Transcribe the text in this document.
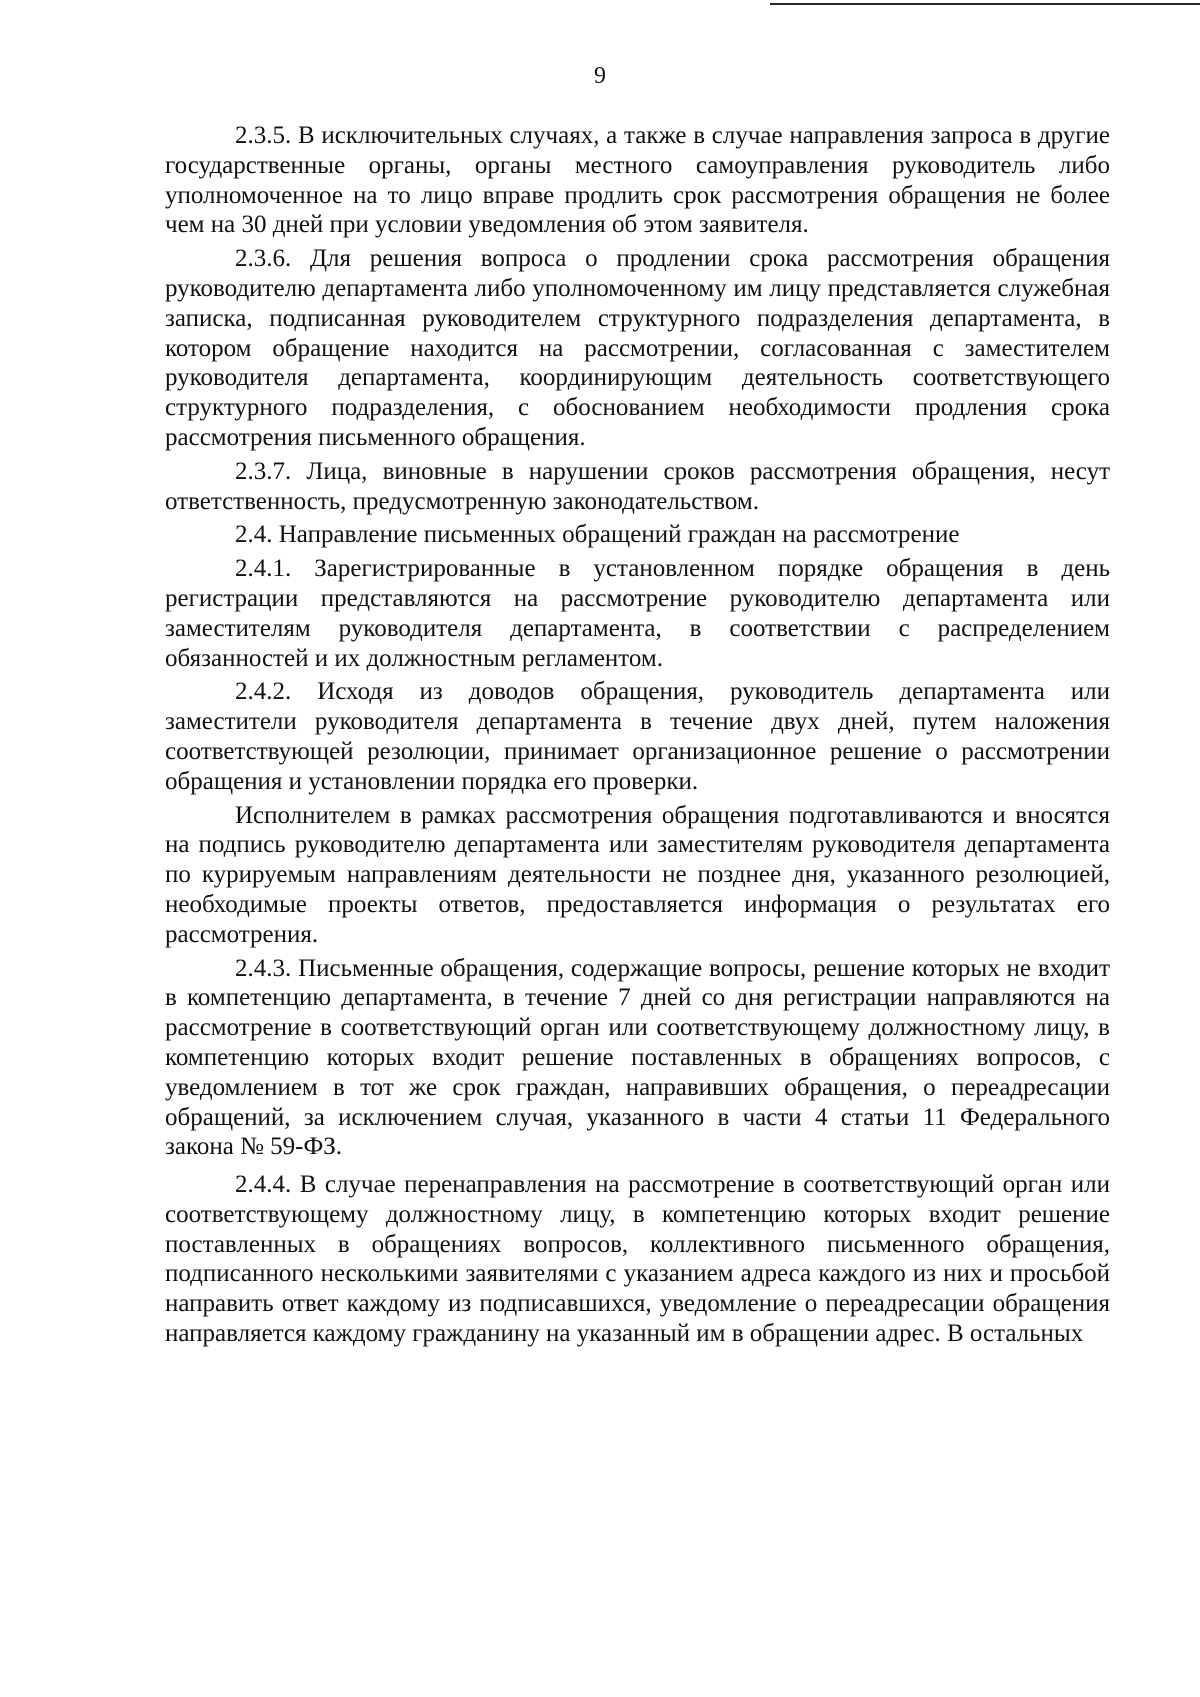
9

2.3.5. В исключительных случаях, а также в случае направления запроса в другие государственные органы, органы местного самоуправления руководитель либо уполномоченное на то лицо вправе продлить срок рассмотрения обращения не более чем на 30 дней при условии уведомления об этом заявителя.

2.3.6. Для решения вопроса о продлении срока рассмотрения обращения руководителю департамента либо уполномоченному им лицу представляется служебная записка, подписанная руководителем структурного подразделения департамента, в котором обращение находится на рассмотрении, согласованная с заместителем руководителя департамента, координирующим деятельность соответствующего структурного подразделения, с обоснованием необходимости продления срока рассмотрения письменного обращения.

2.3.7. Лица, виновные в нарушении сроков рассмотрения обращения, несут ответственность, предусмотренную законодательством.

2.4. Направление письменных обращений граждан на рассмотрение

2.4.1. Зарегистрированные в установленном порядке обращения в день регистрации представляются на рассмотрение руководителю департамента или заместителям руководителя департамента, в соответствии с распределением обязанностей и их должностным регламентом.

2.4.2. Исходя из доводов обращения, руководитель департамента или заместители руководителя департамента в течение двух дней, путем наложения соответствующей резолюции, принимает организационное решение о рассмотрении обращения и установлении порядка его проверки.

Исполнителем в рамках рассмотрения обращения подготавливаются и вносятся на подпись руководителю департамента или заместителям руководителя департамента по курируемым направлениям деятельности не позднее дня, указанного резолюцией, необходимые проекты ответов, предоставляется информация о результатах его рассмотрения.

2.4.3. Письменные обращения, содержащие вопросы, решение которых не входит в компетенцию департамента, в течение 7 дней со дня регистрации направляются на рассмотрение в соответствующий орган или соответствующему должностному лицу, в компетенцию которых входит решение поставленных в обращениях вопросов, с уведомлением в тот же срок граждан, направивших обращения, о переадресации обращений, за исключением случая, указанного в части 4 статьи 11 Федерального закона № 59-ФЗ.

2.4.4. В случае перенаправления на рассмотрение в соответствующий орган или соответствующему должностному лицу, в компетенцию которых входит решение поставленных в обращениях вопросов, коллективного письменного обращения, подписанного несколькими заявителями с указанием адреса каждого из них и просьбой направить ответ каждому из подписавшихся, уведомление о переадресации обращения направляется каждому гражданину на указанный им в обращении адрес. В остальных
